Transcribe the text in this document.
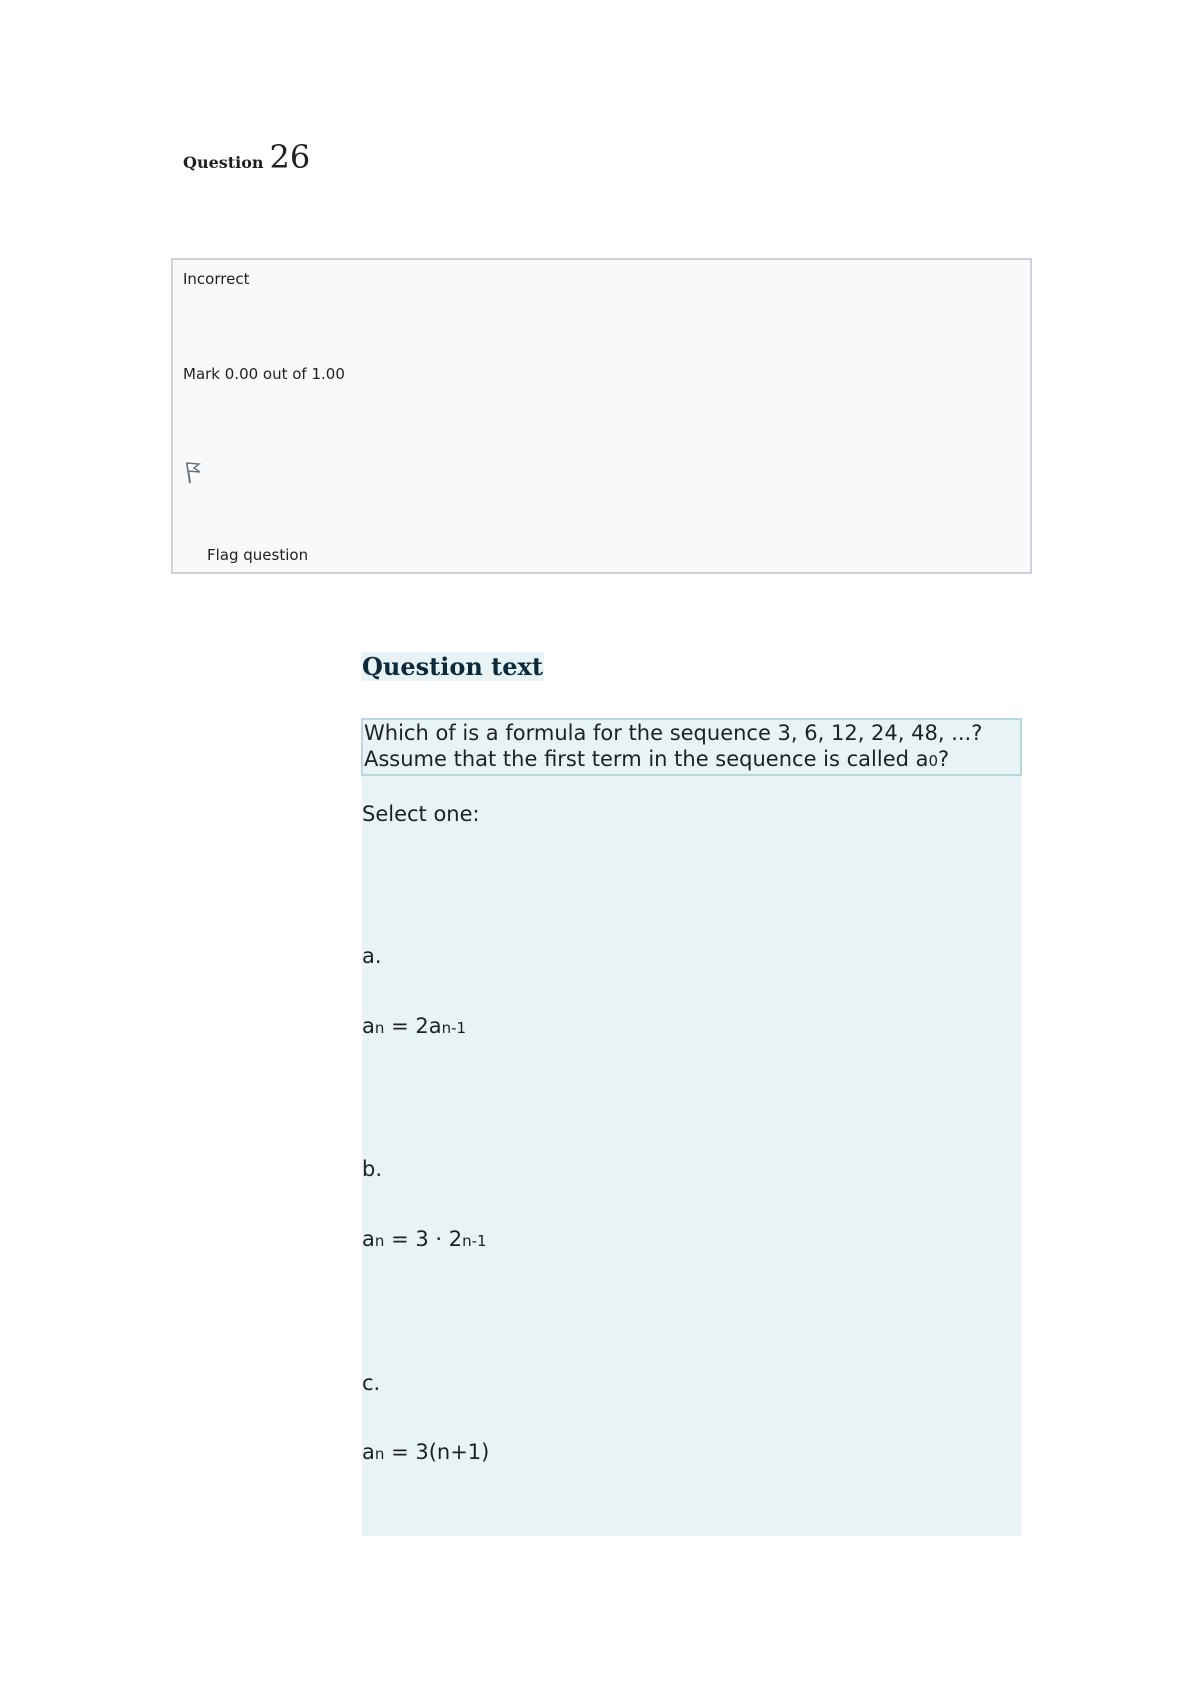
Question 26
Incorrect
Mark 0.00 out of 1.00
Flag question
Question text
Which of is a formula for the sequence 3, 6, 12, 24, 48, ...?
Assume that the first term in the sequence is called a0?
Select one:
a.
an = 2an-1
b.
an = 3 · 2n-1
c.
an = 3(n+1)
